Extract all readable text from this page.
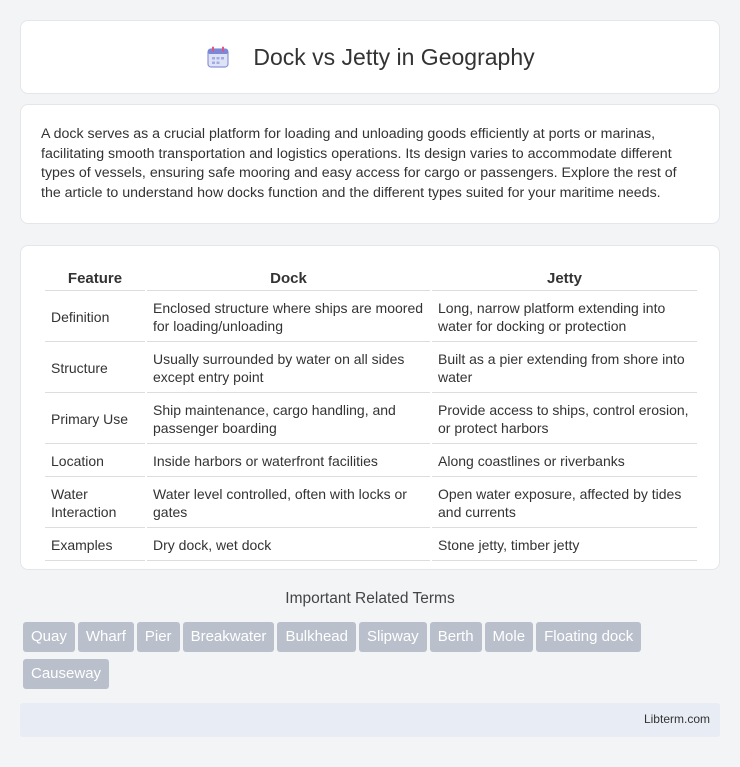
Dock vs Jetty in Geography

A dock serves as a crucial platform for loading and unloading goods efficiently at ports or marinas, facilitating smooth transportation and logistics operations. Its design varies to accommodate different types of vessels, ensuring safe mooring and easy access for cargo or passengers. Explore the rest of the article to understand how docks function and the different types suited for your maritime needs.

Feature	Dock	Jetty
Definition	Enclosed structure where ships are moored for loading/unloading	Long, narrow platform extending into water for docking or protection
Structure	Usually surrounded by water on all sides except entry point	Built as a pier extending from shore into water
Primary Use	Ship maintenance, cargo handling, and passenger boarding	Provide access to ships, control erosion, or protect harbors
Location	Inside harbors or waterfront facilities	Along coastlines or riverbanks
Water Interaction	Water level controlled, often with locks or gates	Open water exposure, affected by tides and currents
Examples	Dry dock, wet dock	Stone jetty, timber jetty
Important Related Terms
Quay Wharf Pier Breakwater Bulkhead Slipway Berth Mole Floating dockCauseway
Libterm.com
